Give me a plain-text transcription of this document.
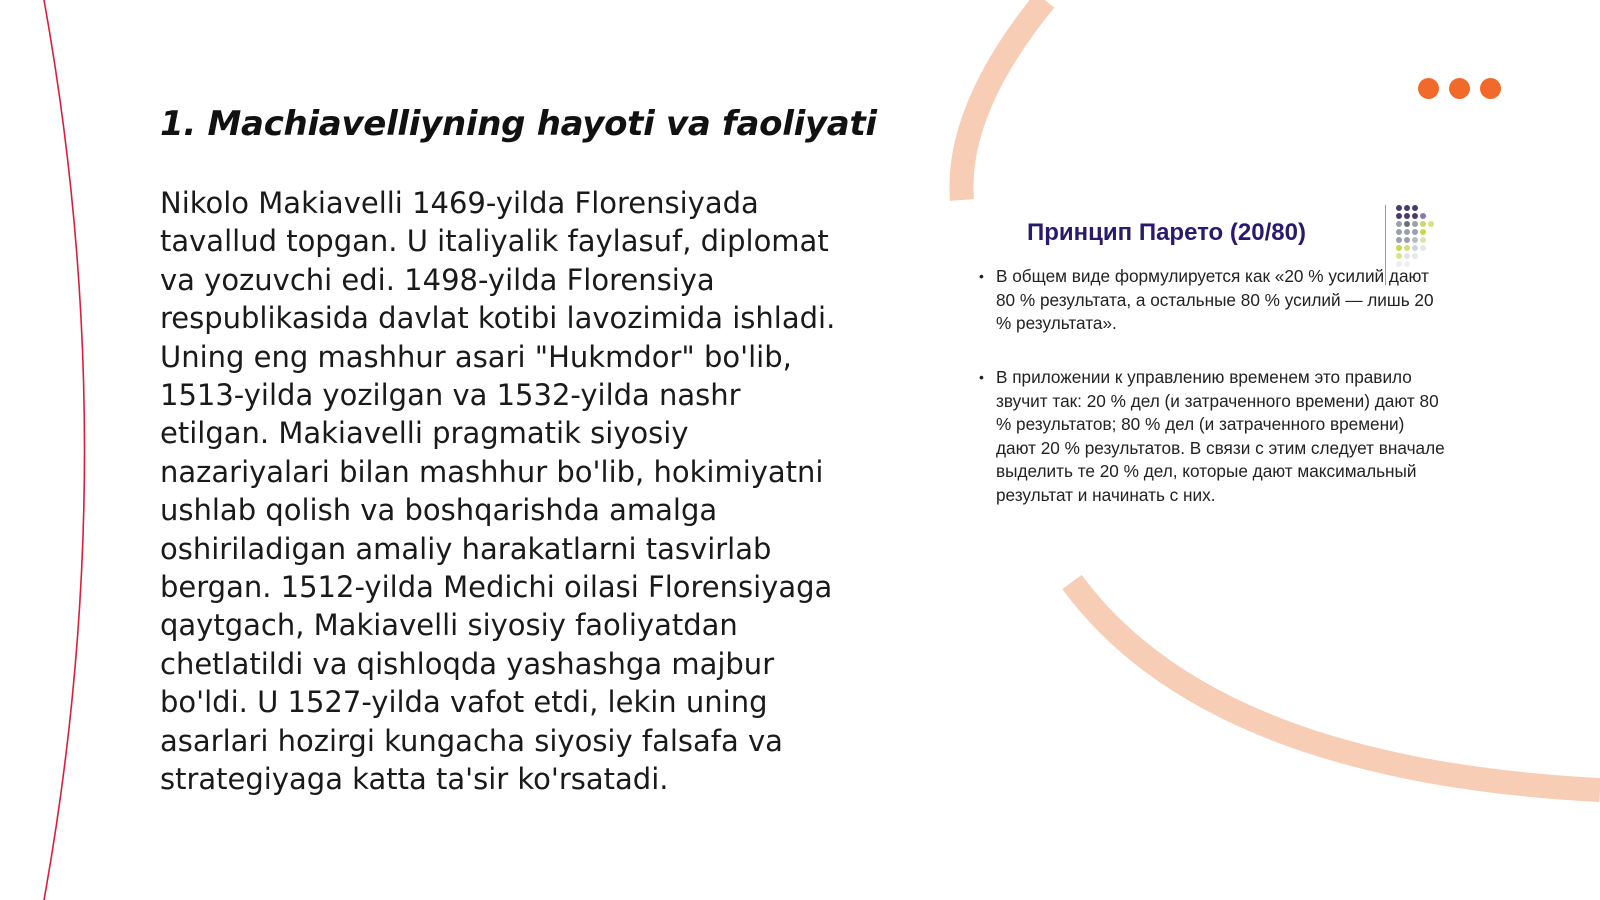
1. Machiavelliyning hayoti va faoliyati

Nikolo Makiavelli 1469-yilda Florensiyada tavallud topgan. U italiyalik faylasuf, diplomat va yozuvchi edi. 1498-yilda Florensiya respublikasida davlat kotibi lavozimida ishladi. Uning eng mashhur asari "Hukmdor" bo'lib, 1513-yilda yozilgan va 1532-yilda nashr etilgan. Makiavelli pragmatik siyosiy nazariyalari bilan mashhur bo'lib, hokimiyatni ushlab qolish va boshqarishda amalga oshiriladigan amaliy harakatlarni tasvirlab bergan. 1512-yilda Medichi oilasi Florensiyaga qaytgach, Makiavelli siyosiy faoliyatdan chetlatildi va qishloqda yashashga majbur bo'ldi. U 1527-yilda vafot etdi, lekin uning asarlari hozirgi kungacha siyosiy falsafa va strategiyaga katta ta'sir ko'rsatadi.

Принцип Парето (20/80)
• В общем виде формулируется как «20 % усилий дают 80 % результата, а остальные 80 % усилий — лишь 20 % результата».
• В приложении к управлению временем это правило звучит так: 20 % дел (и затраченного времени) дают 80 % результатов; 80 % дел (и затраченного времени) дают 20 % результатов. В связи с этим следует вначале выделить те 20 % дел, которые дают максимальный результат и начинать с них.
